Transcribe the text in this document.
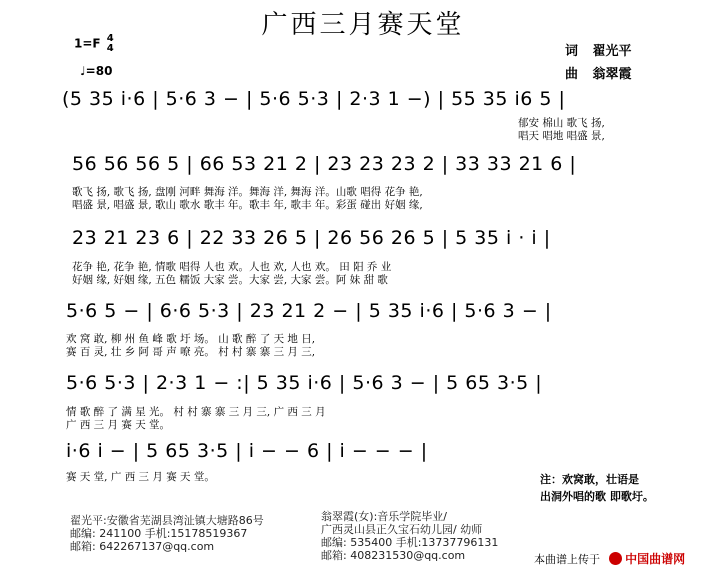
广西三月赛天堂
1=F 4
4
♩=80
词 翟光平
曲 翁翠霞
(5 35 i·6 | 5·6 3 − | 5·6 5·3 | 2·3 1 −) | 55 35 i6 5 |
郁安 棉山 歌飞 扬,
唱天 唱地 唱盛 景,
56 56 56 5 | 66 53 21 2 | 23 23 23 2 | 33 33 21 6 |
歌飞 扬, 歌飞 扬, 盘刚 河畔 舞海 洋。舞海 洋, 舞海 洋。山歌 唱得 花争 艳,
唱盛 景, 唱盛 景, 歌山 歌水 歌丰 年。歌丰 年, 歌丰 年。彩蛋 碰出 好姻 缘,
23 21 23 6 | 22 33 26 5 | 26 56 26 5 | 5 35 i · i |
花争 艳, 花争 艳, 情歌 唱得 人也 欢。人也 欢, 人也 欢。 田 阳 乔 业
好姻 缘, 好姻 缘, 五色 糯饭 大家 尝。大家 尝, 大家 尝。阿 妹 甜 歌
5·6 5 − | 6·6 5·3 | 23 21 2 − | 5 35 i·6 | 5·6 3 − |
欢 窝 敢, 柳 州 鱼 峰 歌 圩 场。 山 歌 醉 了 天 地 日,
赛 百 灵, 壮 乡 阿 哥 声 嘹 亮。 村 村 寨 寨 三 月 三,
5·6 5·3 | 2·3 1 − :| 5 35 i·6 | 5·6 3 − | 5 65 3·5 |
情 歌 醉 了 满 星 光。 村 村 寨 寨 三 月 三, 广 西 三 月
广 西 三 月 赛 天 堂。
i·6 i − | 5 65 3·5 | i − − 6 | i − − − |
赛 天 堂, 广 西 三 月 赛 天 堂。	注：欢窝敢，壮语是
出洞外唱的歌 即歌圩。
翟光平:安徽省芜湖县湾沚镇大塘路86号
邮编: 241100 手机:15178519367
邮箱: 642267137@qq.com
翁翠霞(女):音乐学院毕业/
广西灵山县正久宝石幼儿园/ 幼师
邮编: 535400 手机:13737796131
邮箱: 408231530@qq.com	本曲谱上传于 中国曲谱网
